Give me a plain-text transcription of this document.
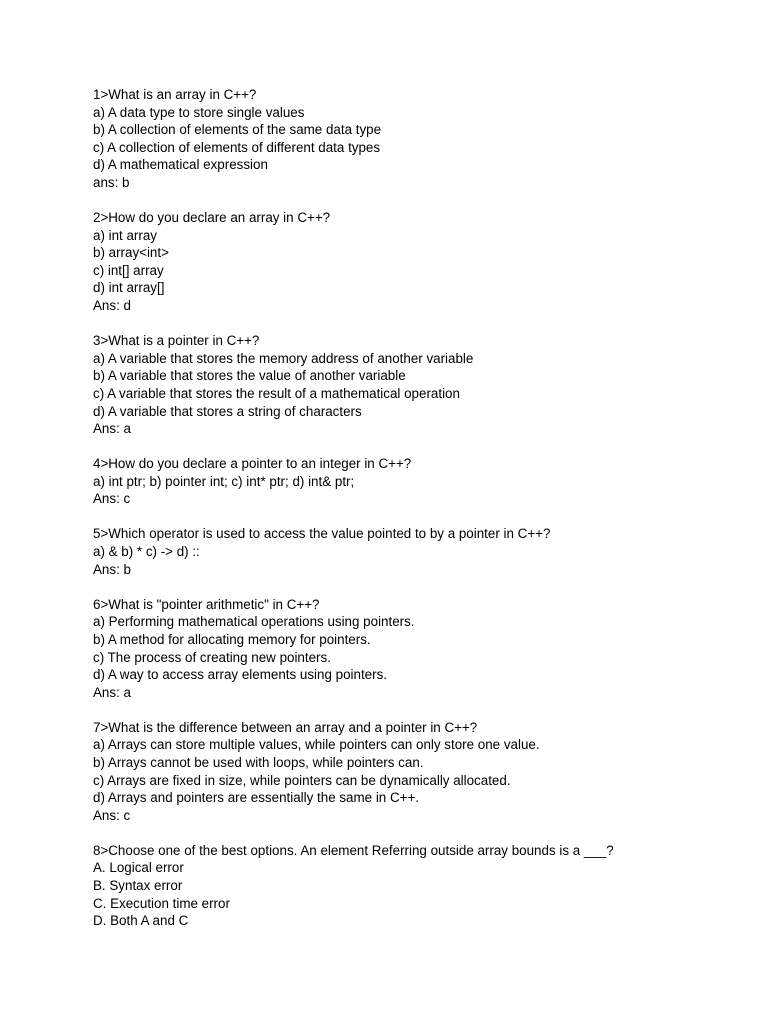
1>What is an array in C++?
a) A data type to store single values
b) A collection of elements of the same data type
c) A collection of elements of different data types
d) A mathematical expression
ans: b
2>How do you declare an array in C++?
a) int array
b) array<int>
c) int[] array
d) int array[]
Ans: d
3>What is a pointer in C++?
a) A variable that stores the memory address of another variable
b) A variable that stores the value of another variable
c) A variable that stores the result of a mathematical operation
d) A variable that stores a string of characters
Ans: a
4>How do you declare a pointer to an integer in C++?
a) int ptr; b) pointer int; c) int* ptr; d) int& ptr;
Ans: c
5>Which operator is used to access the value pointed to by a pointer in C++?
a) & b) * c) -> d) ::
Ans: b
6>What is "pointer arithmetic" in C++?
a) Performing mathematical operations using pointers.
b) A method for allocating memory for pointers.
c) The process of creating new pointers.
d) A way to access array elements using pointers.
Ans: a
7>What is the difference between an array and a pointer in C++?
a) Arrays can store multiple values, while pointers can only store one value.
b) Arrays cannot be used with loops, while pointers can.
c) Arrays are fixed in size, while pointers can be dynamically allocated.
d) Arrays and pointers are essentially the same in C++.
Ans: c
8>Choose one of the best options. An element Referring outside array bounds is a ___?
A. Logical error
B. Syntax error
C. Execution time error
D. Both A and C
